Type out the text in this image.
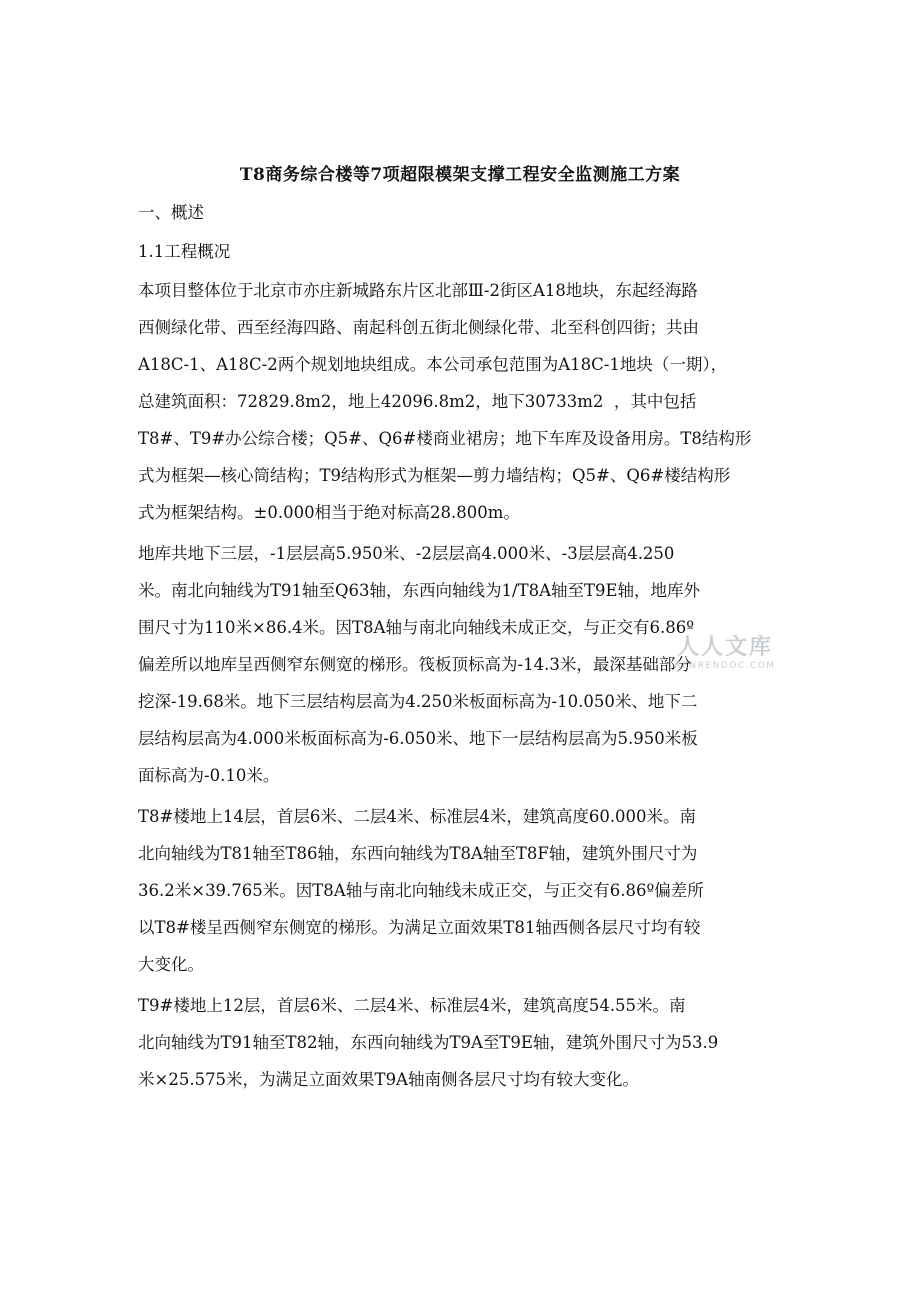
T8商务综合楼等7项超限模架支撑工程安全监测施工方案
一、概述
1.1工程概况
本项目整体位于北京市亦庄新城路东片区北部Ⅲ-2街区A18地块，东起经海路
西侧绿化带、西至经海四路、南起科创五街北侧绿化带、北至科创四街；共由
A18C-1、A18C-2两个规划地块组成。本公司承包范围为A18C-1地块（一期），
总建筑面积：72829.8m2，地上42096.8m2，地下30733m2  ，其中包括
T8#、T9#办公综合楼；Q5#、Q6#楼商业裙房；地下车库及设备用房。T8结构形
式为框架—核心筒结构；T9结构形式为框架—剪力墙结构；Q5#、Q6#楼结构形
式为框架结构。±0.000相当于绝对标高28.800m。
地库共地下三层，-1层层高5.950米、-2层层高4.000米、-3层层高4.250
米。南北向轴线为T91轴至Q63轴，东西向轴线为1/T8A轴至T9E轴，地库外
围尺寸为110米×86.4米。因T8A轴与南北向轴线未成正交，与正交有6.86º
偏差所以地库呈西侧窄东侧宽的梯形。筏板顶标高为-14.3米，最深基础部分
挖深-19.68米。地下三层结构层高为4.250米板面标高为-10.050米、地下二
层结构层高为4.000米板面标高为-6.050米、地下一层结构层高为5.950米板
面标高为-0.10米。
T8#楼地上14层，首层6米、二层4米、标准层4米，建筑高度60.000米。南
北向轴线为T81轴至T86轴，东西向轴线为T8A轴至T8F轴，建筑外围尺寸为
36.2米×39.765米。因T8A轴与南北向轴线未成正交，与正交有6.86º偏差所
以T8#楼呈西侧窄东侧宽的梯形。为满足立面效果T81轴西侧各层尺寸均有较
大变化。
T9#楼地上12层，首层6米、二层4米、标准层4米，建筑高度54.55米。南
北向轴线为T91轴至T82轴，东西向轴线为T9A至T9E轴，建筑外围尺寸为53.9
米×25.575米，为满足立面效果T9A轴南侧各层尺寸均有较大变化。
人人文库
RENRENDOC.COM
